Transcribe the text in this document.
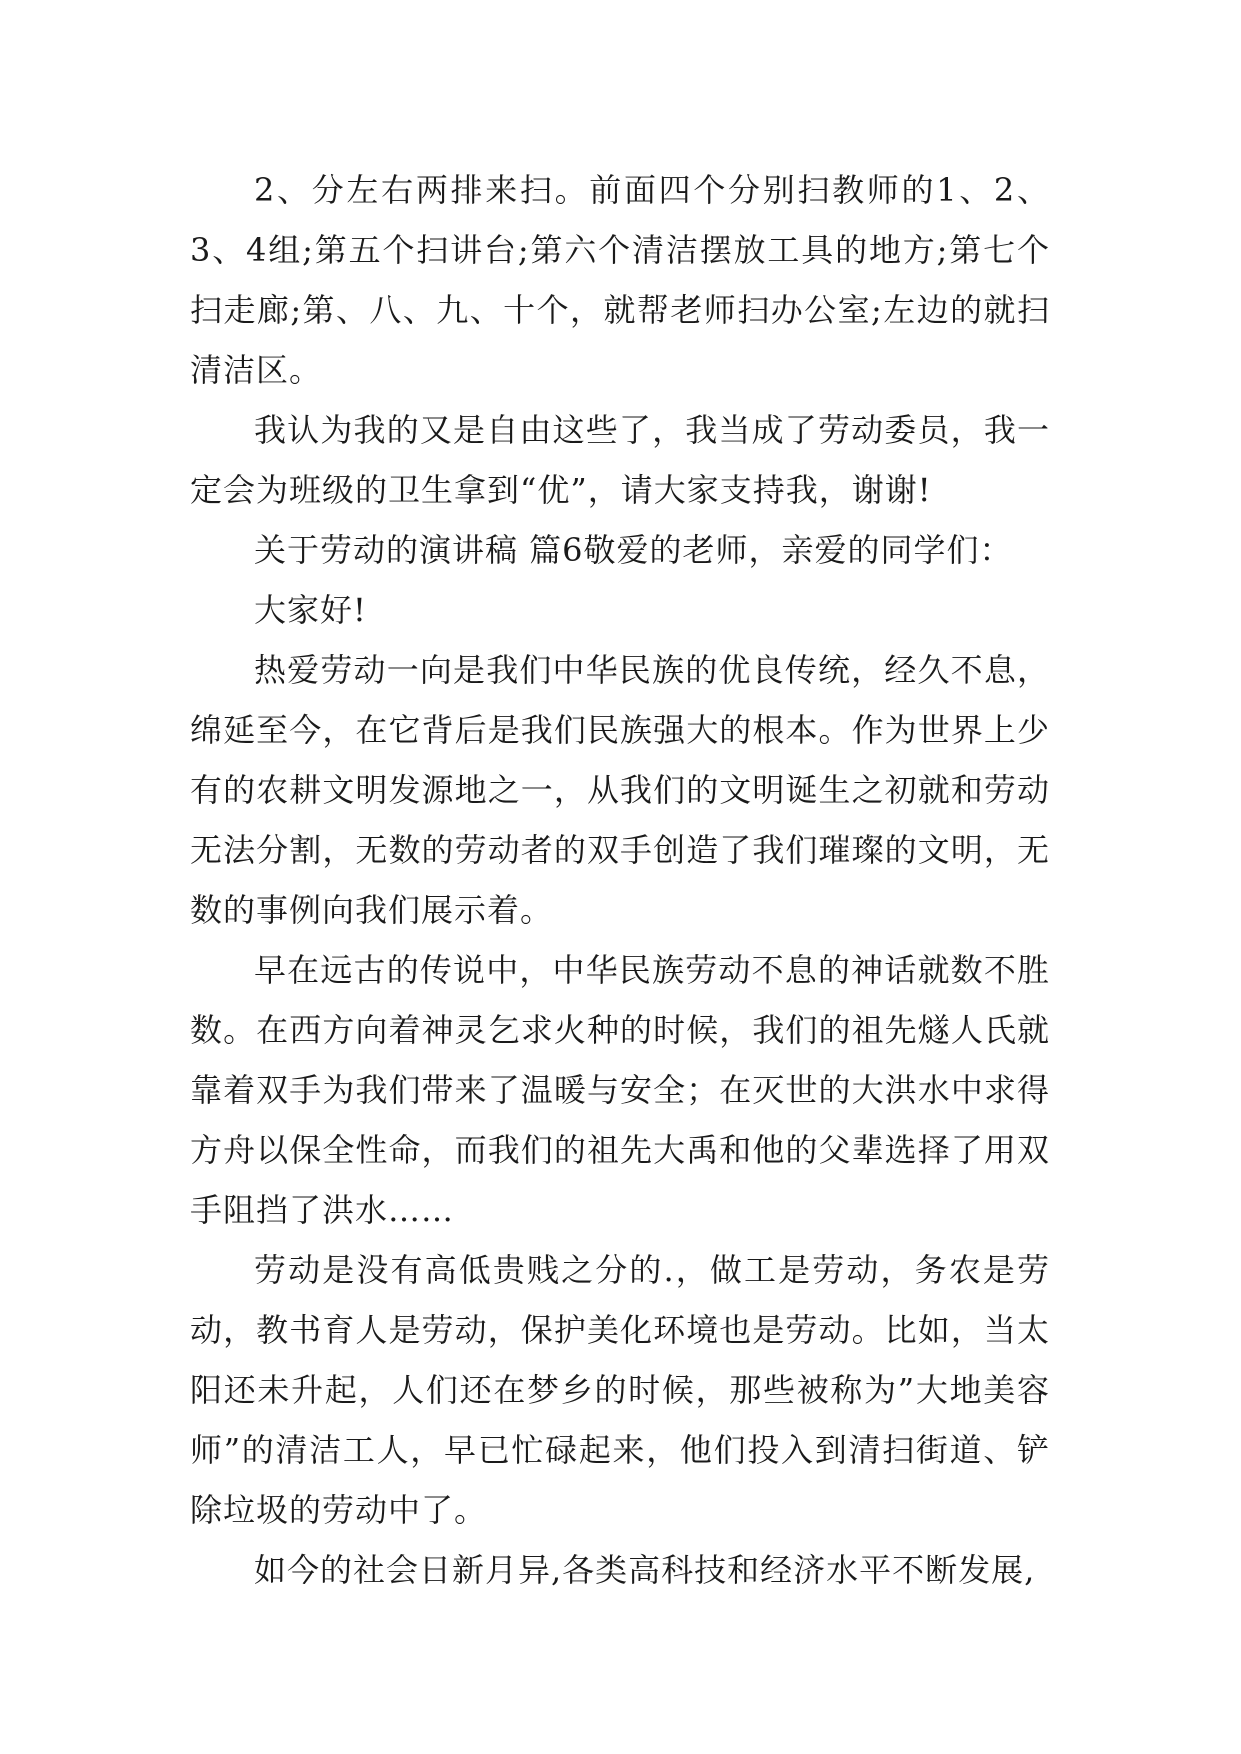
2、分左右两排来扫。前面四个分别扫教师的1、2、3、4组;第五个扫讲台;第六个清洁摆放工具的地方;第七个扫走廊;第、八、九、十个，就帮老师扫办公室;左边的就扫清洁区。

我认为我的又是自由这些了，我当成了劳动委员，我一定会为班级的卫生拿到“优”，请大家支持我，谢谢!

关于劳动的演讲稿 篇6敬爱的老师，亲爱的同学们：

大家好!

热爱劳动一向是我们中华民族的优良传统，经久不息，绵延至今，在它背后是我们民族强大的根本。作为世界上少有的农耕文明发源地之一，从我们的文明诞生之初就和劳动无法分割，无数的劳动者的双手创造了我们璀璨的文明，无数的事例向我们展示着。

早在远古的传说中，中华民族劳动不息的神话就数不胜数。在西方向着神灵乞求火种的时候，我们的祖先燧人氏就靠着双手为我们带来了温暖与安全；在灭世的大洪水中求得方舟以保全性命，而我们的祖先大禹和他的父辈选择了用双手阻挡了洪水……

劳动是没有高低贵贱之分的.，做工是劳动，务农是劳动，教书育人是劳动，保护美化环境也是劳动。比如，当太阳还未升起，人们还在梦乡的时候，那些被称为”大地美容师”的清洁工人，早已忙碌起来，他们投入到清扫街道、铲除垃圾的劳动中了。

如今的社会日新月异,各类高科技和经济水平不断发展,
